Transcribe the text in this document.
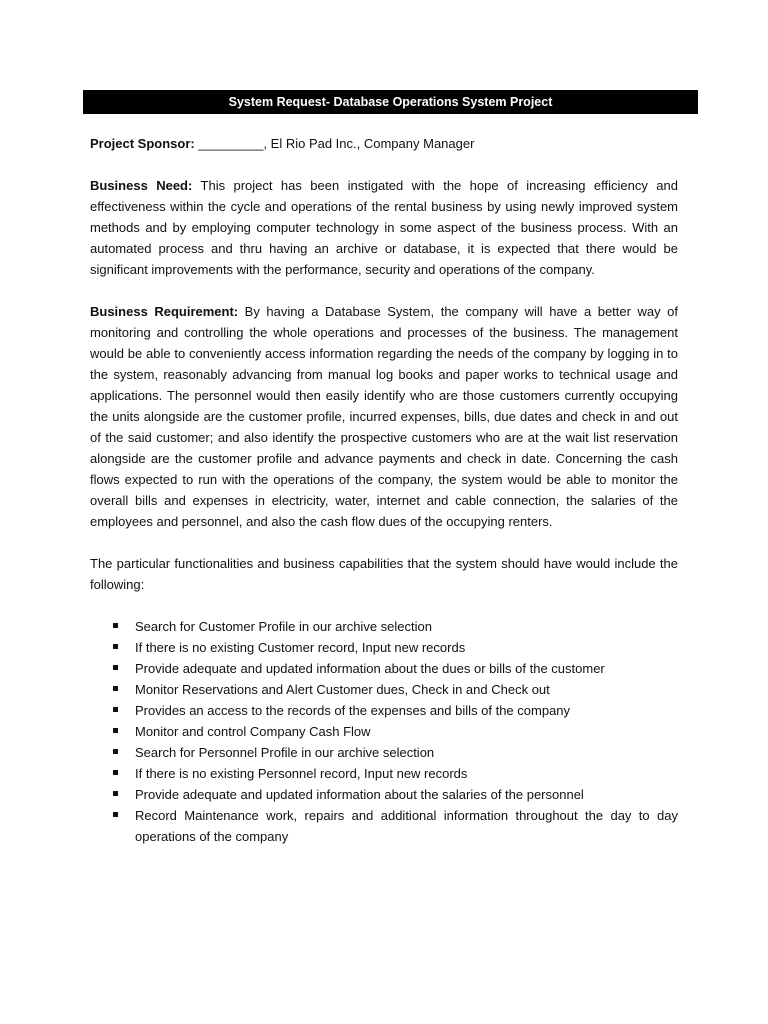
System Request- Database Operations System Project

Project Sponsor: _________, El Rio Pad Inc., Company Manager

Business Need: This project has been instigated with the hope of increasing efficiency and effectiveness within the cycle and operations of the rental business by using newly improved system methods and by employing computer technology in some aspect of the business process. With an automated process and thru having an archive or database, it is expected that there would be significant improvements with the performance, security and operations of the company.

Business Requirement: By having a Database System, the company will have a better way of monitoring and controlling the whole operations and processes of the business. The management would be able to conveniently access information regarding the needs of the company by logging in to the system, reasonably advancing from manual log books and paper works to technical usage and applications. The personnel would then easily identify who are those customers currently occupying the units alongside are the customer profile, incurred expenses, bills, due dates and check in and out of the said customer; and also identify the prospective customers who are at the wait list reservation alongside are the customer profile and advance payments and check in date. Concerning the cash flows expected to run with the operations of the company, the system would be able to monitor the overall bills and expenses in electricity, water, internet and cable connection, the salaries of the employees and personnel, and also the cash flow dues of the occupying renters.

The particular functionalities and business capabilities that the system should have would include the following:

Search for Customer Profile in our archive selection
If there is no existing Customer record, Input new records
Provide adequate and updated information about the dues or bills of the customer
Monitor Reservations and Alert Customer dues, Check in and Check out
Provides an access to the records of the expenses and bills of the company
Monitor and control Company Cash Flow
Search for Personnel Profile in our archive selection
If there is no existing Personnel record, Input new records
Provide adequate and updated information about the salaries of the personnel
Record Maintenance work, repairs and additional information throughout the day to day operations of the company
